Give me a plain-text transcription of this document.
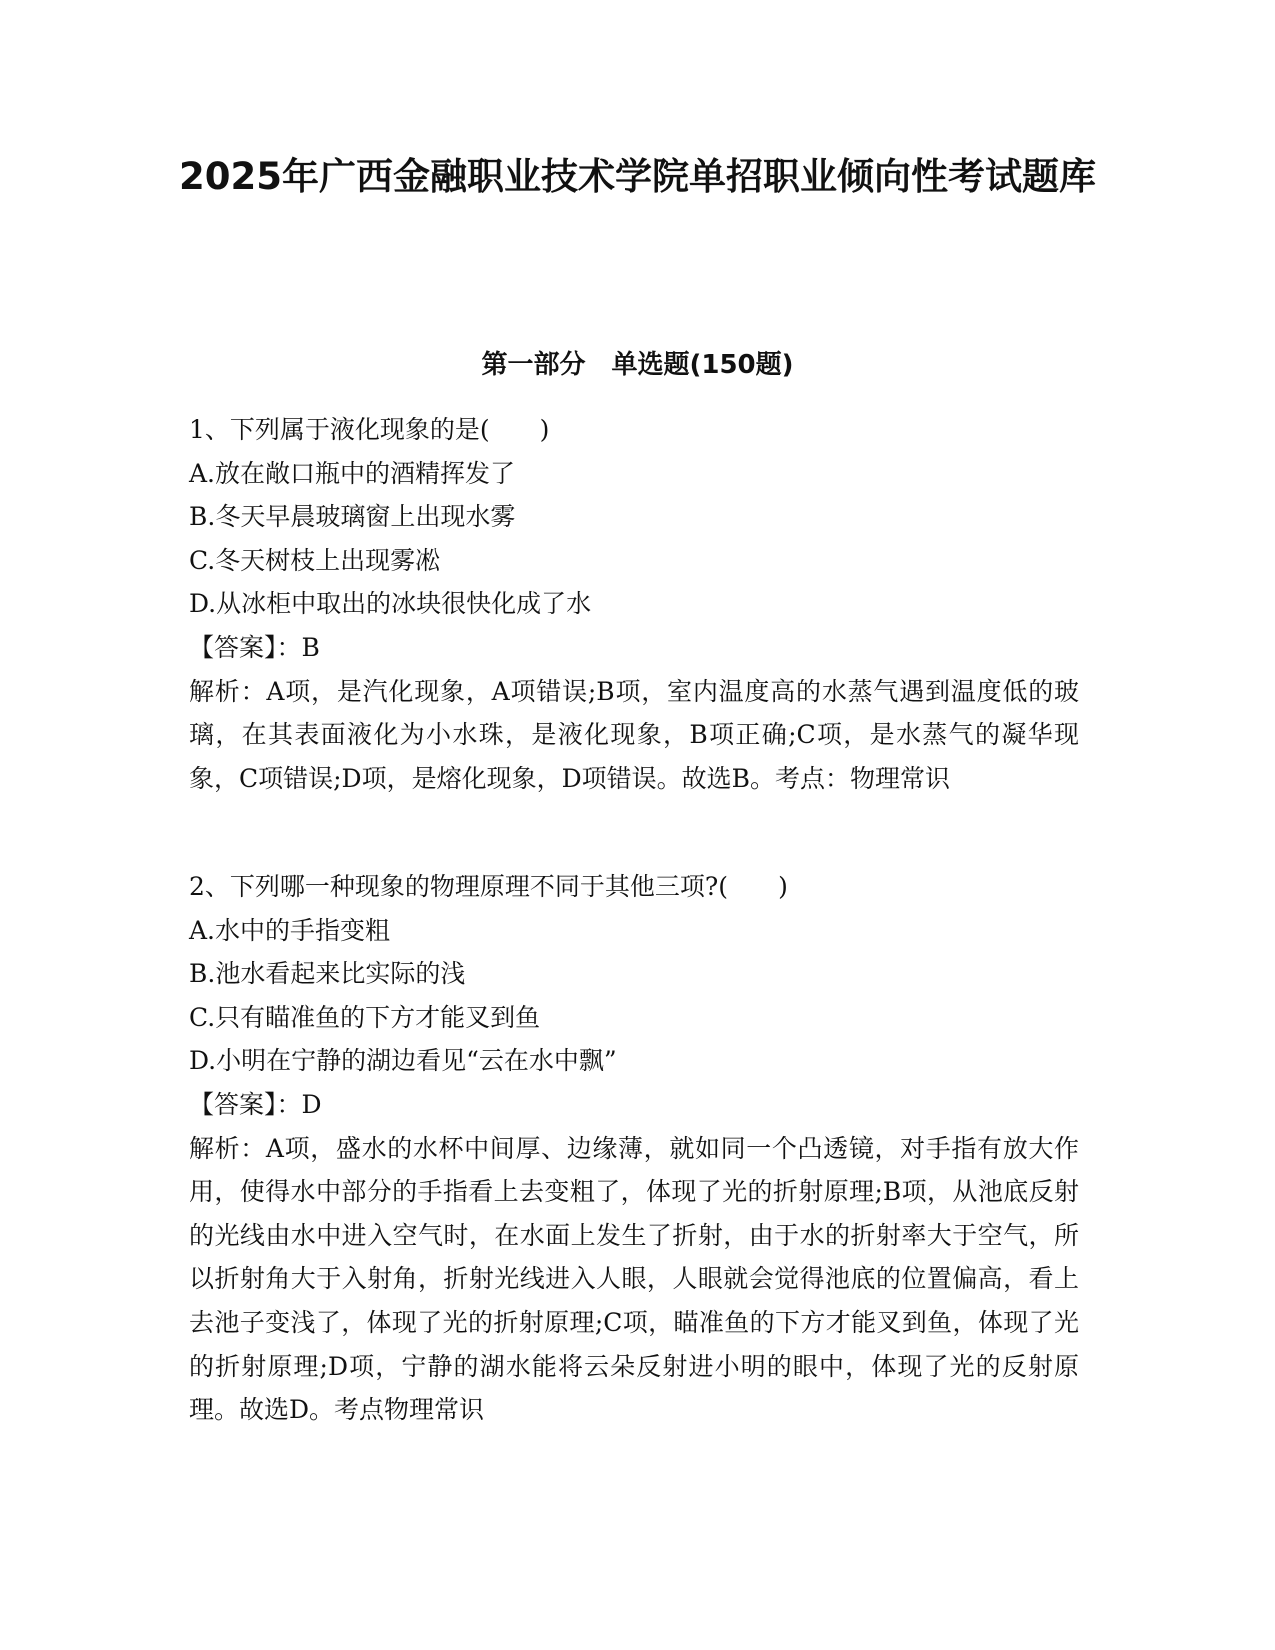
2025年广西金融职业技术学院单招职业倾向性考试题库
第一部分　单选题(150题)

1、下列属于液化现象的是(　　)

A.放在敞口瓶中的酒精挥发了

B.冬天早晨玻璃窗上出现水雾

C.冬天树枝上出现雾凇

D.从冰柜中取出的冰块很快化成了水

【答案】：B

解析：A项，是汽化现象，A项错误;B项，室内温度高的水蒸气遇到温度低的玻璃，在其表面液化为小水珠，是液化现象，B项正确;C项，是水蒸气的凝华现象，C项错误;D项，是熔化现象，D项错误。故选B。考点：物理常识

2、下列哪一种现象的物理原理不同于其他三项?(　　)

A.水中的手指变粗

B.池水看起来比实际的浅

C.只有瞄准鱼的下方才能叉到鱼

D.小明在宁静的湖边看见“云在水中飘”

【答案】：D

解析：A项，盛水的水杯中间厚、边缘薄，就如同一个凸透镜，对手指有放大作用，使得水中部分的手指看上去变粗了，体现了光的折射原理;B项，从池底反射的光线由水中进入空气时，在水面上发生了折射，由于水的折射率大于空气，所以折射角大于入射角，折射光线进入人眼，人眼就会觉得池底的位置偏高，看上去池子变浅了，体现了光的折射原理;C项，瞄准鱼的下方才能叉到鱼，体现了光的折射原理;D项，宁静的湖水能将云朵反射进小明的眼中，体现了光的反射原理。故选D。考点物理常识
